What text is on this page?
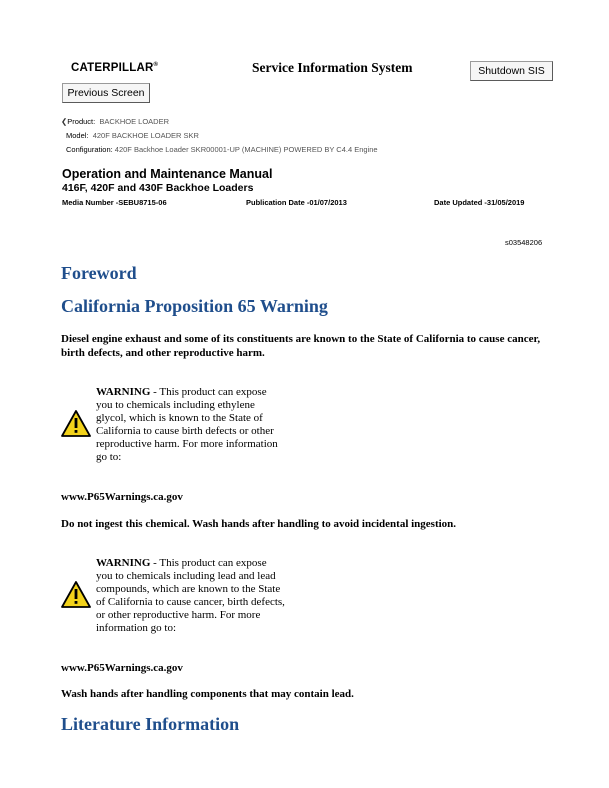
CATERPILLAR®	Service Information System	Shutdown SIS
Previous Screen
❮Product: BACKHOE LOADER
Model: 420F BACKHOE LOADER SKR
Configuration: 420F Backhoe Loader SKR00001-UP (MACHINE) POWERED BY C4.4 Engine
Operation and Maintenance Manual
416F, 420F and 430F Backhoe Loaders
Media Number -SEBU8715-06	Publication Date -01/07/2013	Date Updated -31/05/2019
s03548206
Foreword
California Proposition 65 Warning
Diesel engine exhaust and some of its constituents are known to the State of California to cause cancer, birth defects, and other reproductive harm.
WARNING - This product can expose
you to chemicals including ethylene
glycol, which is known to the State of
California to cause birth defects or other
reproductive harm. For more information
go to:
www.P65Warnings.ca.gov
Do not ingest this chemical. Wash hands after handling to avoid incidental ingestion.
WARNING - This product can expose
you to chemicals including lead and lead
compounds, which are known to the State
of California to cause cancer, birth defects,
or other reproductive harm. For more
information go to:
www.P65Warnings.ca.gov
Wash hands after handling components that may contain lead.
Literature Information
